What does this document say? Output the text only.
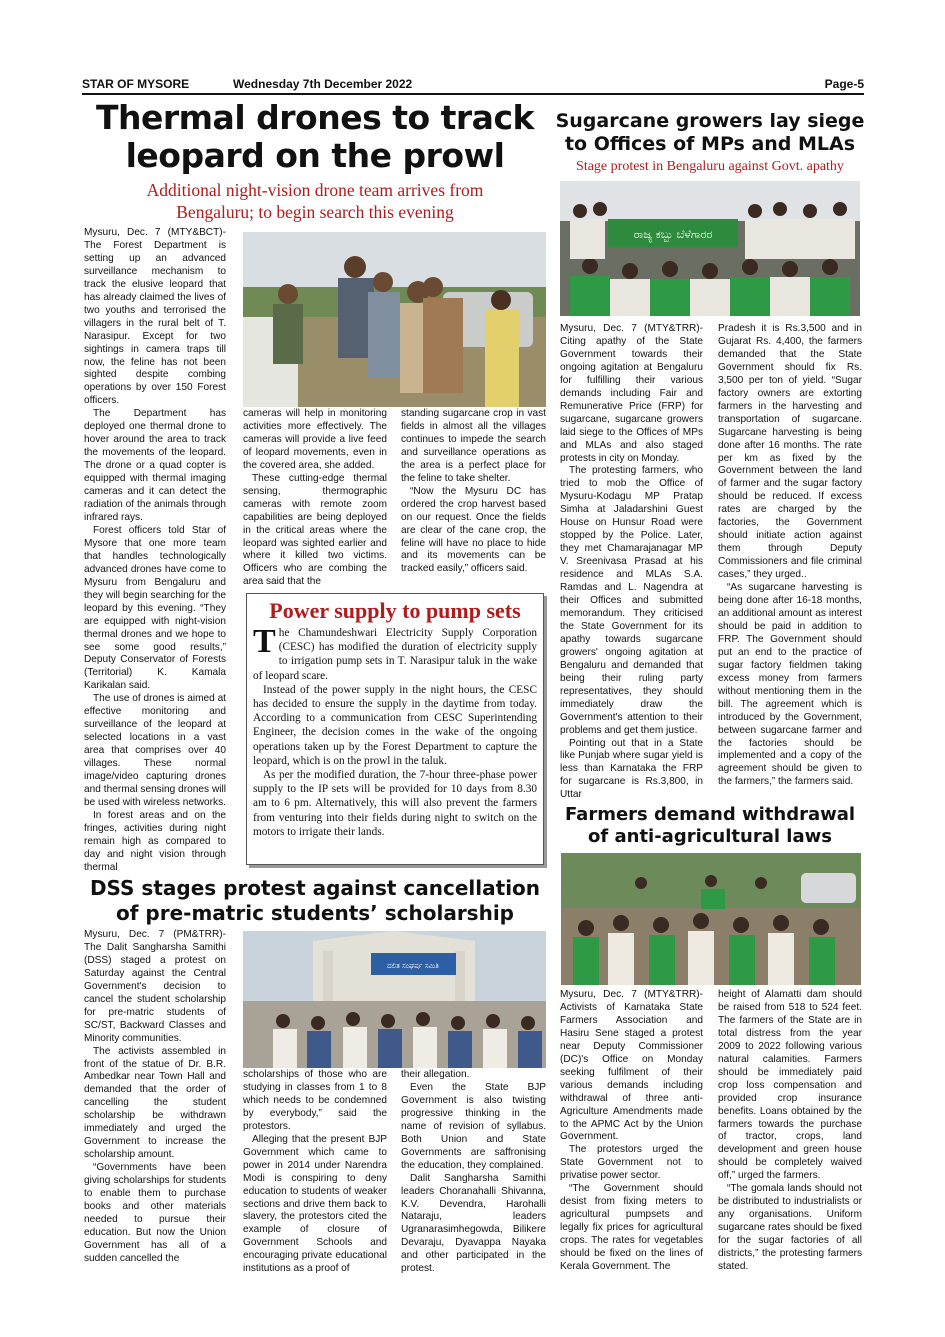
STAR OF MYSORE	Wednesday 7th December 2022	Page-5
Thermal drones to track
leopard on the prowl
Additional night-vision drone team arrives from
Bengaluru; to begin search this evening

Mysuru, Dec. 7 (MTY&BCT)- The Forest Department is setting up an advanced surveillance mechanism to track the elusive leopard that has already claimed the lives of two youths and terrorised the villagers in the rural belt of T. Narasipur. Except for two sightings in camera traps till now, the feline has not been sighted despite combing operations by over 150 Forest officers.

The Department has deployed one thermal drone to hover around the area to track the movements of the leopard. The drone or a quad copter is equipped with thermal imaging cameras and it can detect the radiation of the animals through infrared rays.

Forest officers told Star of Mysore that one more team that handles technologically advanced drones have come to Mysuru from Bengaluru and they will begin searching for the leopard by this evening. “They are equipped with night-vision thermal drones and we hope to see some good results,” Deputy Conservator of Forests (Territorial) K. Kamala Karikalan said.

The use of drones is aimed at effective monitoring and surveillance of the leopard at selected locations in a vast area that comprises over 40 villages. These normal image/video capturing drones and thermal sensing drones will be used with wireless networks.

In forest areas and on the fringes, activities during night remain high as compared to day and night vision through thermal

cameras will help in monitoring activities more effectively. The cameras will provide a live feed of leopard movements, even in the covered area, she added.

These cutting-edge thermal sensing, thermographic cameras with remote zoom capabilities are being deployed in the critical areas where the leopard was sighted earlier and where it killed two victims. Officers who are combing the area said that the

standing sugarcane crop in vast fields in almost all the villages continues to impede the search and surveillance operations as the area is a perfect place for the feline to take shelter.

“Now the Mysuru DC has ordered the crop harvest based on our request. Once the fields are clear of the cane crop, the feline will have no place to hide and its movements can be tracked easily,” officers said.

Power supply to pump sets

The Chamundeshwari Electricity Supply Corporation (CESC) has modified the duration of electricity supply to irrigation pump sets in T. Narasipur taluk in the wake of leopard scare.

Instead of the power supply in the night hours, the CESC has decided to ensure the supply in the daytime from today. According to a communication from CESC Superintending Engineer, the decision comes in the wake of the ongoing operations taken up by the Forest Department to capture the leopard, which is on the prowl in the taluk.

As per the modified duration, the 7-hour three-phase power supply to the IP sets will be provided for 10 days from 8.30 am to 6 pm. Alternatively, this will also prevent the farmers from venturing into their fields during night to switch on the motors to irrigate their lands.

Sugarcane growers lay siege
to Offices of MPs and MLAs
Stage protest in Bengaluru against Govt. apathy
ರಾಜ್ಯ ಕಬ್ಬು ಬೆಳೆಗಾರರ

Mysuru, Dec. 7 (MTY&TRR)- Citing apathy of the State Government towards their ongoing agitation at Bengaluru for fulfilling their various demands including Fair and Remunerative Price (FRP) for sugarcane, sugarcane growers laid siege to the Offices of MPs and MLAs and also staged protests in city on Monday.

The protesting farmers, who tried to mob the Office of Mysuru-Kodagu MP Pratap Simha at Jaladarshini Guest House on Hunsur Road were stopped by the Police. Later, they met Chamarajanagar MP V. Sreenivasa Prasad at his residence and MLAs S.A. Ramdas and L. Nagendra at their Offices and submitted memorandum. They criticised the State Government for its apathy towards sugarcane growers' ongoing agitation at Bengaluru and demanded that being their ruling party representatives, they should immediately draw the Government's attention to their problems and get them justice.

Pointing out that in a State like Punjab where sugar yield is less than Karnataka the FRP for sugarcane is Rs.3,800, in Uttar

Pradesh it is Rs.3,500 and in Gujarat Rs. 4,400, the farmers demanded that the State Government should fix Rs. 3,500 per ton of yield. “Sugar factory owners are extorting farmers in the harvesting and transportation of sugarcane. Sugarcane harvesting is being done after 16 months. The rate per km as fixed by the Government between the land of farmer and the sugar factory should be reduced. If excess rates are charged by the factories, the Government should initiate action against them through Deputy Commissioners and file criminal cases,” they urged..

“As sugarcane harvesting is being done after 16-18 months, an additional amount as interest should be paid in addition to FRP. The Government should put an end to the practice of sugar factory fieldmen taking excess money from farmers without mentioning them in the bill. The agreement which is introduced by the Government, between sugarcane farmer and the factories should be implemented and a copy of the agreement should be given to the farmers,” the farmers said.

Farmers demand withdrawal
of anti-agricultural laws

Mysuru, Dec. 7 (MTY&TRR)- Activists of Karnataka State Farmers Association and Hasiru Sene staged a protest near Deputy Commissioner (DC)'s Office on Monday seeking fulfilment of their various demands including withdrawal of three anti-Agriculture Amendments made to the APMC Act by the Union Government.

The protestors urged the State Government not to privatise power sector.

“The Government should desist from fixing meters to agricultural pumpsets and legally fix prices for agricultural crops. The rates for vegetables should be fixed on the lines of Kerala Government. The

height of Alamatti dam should be raised from 518 to 524 feet. The farmers of the State are in total distress from the year 2009 to 2022 following various natural calamities. Farmers should be immediately paid crop loss compensation and provided crop insurance benefits. Loans obtained by the farmers towards the purchase of tractor, crops, land development and green house should be completely waived off,” urged the farmers.

“The gomala lands should not be distributed to industrialists or any organisations. Uniform sugarcane rates should be fixed for the sugar factories of all districts,” the protesting farmers stated.

DSS stages protest against cancellation
of pre-matric students’ scholarship

Mysuru, Dec. 7 (PM&TRR)- The Dalit Sangharsha Samithi (DSS) staged a protest on Saturday against the Central Government's decision to cancel the student scholarship for pre-matric students of SC/ST, Backward Classes and Minority communities.

The activists assembled in front of the statue of Dr. B.R. Ambedkar near Town Hall and demanded that the order of cancelling the student scholarship be withdrawn immediately and urged the Government to increase the scholarship amount.

“Governments have been giving scholarships for students to enable them to purchase books and other materials needed to pursue their education. But now the Union Government has all of a sudden cancelled the

ದಲಿತ ಸಂಘರ್ಷ ಸಮಿತಿ

scholarships of those who are studying in classes from 1 to 8 which needs to be condemned by everybody,” said the protestors.

Alleging that the present BJP Government which came to power in 2014 under Narendra Modi is conspiring to deny education to students of weaker sections and drive them back to slavery, the protestors cited the example of closure of Government Schools and encouraging private educational institutions as a proof of

their allegation.

Even the State BJP Government is also twisting progressive thinking in the name of revision of syllabus. Both Union and State Governments are saffronising the education, they complained.

Dalit Sangharsha Samithi leaders Choranahalli Shivanna, K.V. Devendra, Harohalli Nataraju, leaders Ugranarasimhegowda, Bilikere Devaraju, Dyavappa Nayaka and other participated in the protest.
